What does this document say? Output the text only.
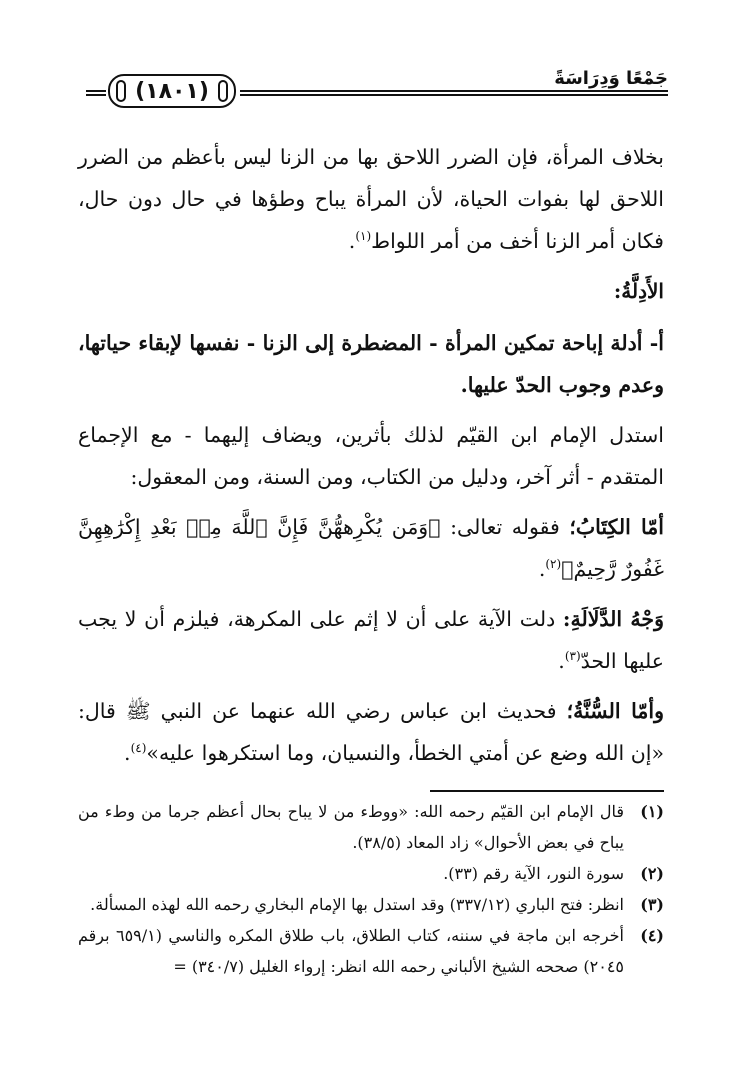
جَمْعًا وَدِرَاسَةً
(١٨٠١)

بخلاف المرأة، فإن الضرر اللاحق بها من الزنا ليس بأعظم من الضرر اللاحق لها بفوات الحياة، لأن المرأة يباح وطؤها في حال دون حال، فكان أمر الزنا أخف من أمر اللواط$^{(١)}$.

الأَدِلَّةُ:

أ- أدلة إباحة تمكين المرأة - المضطرة إلى الزنا - نفسها لإبقاء حياتها، وعدم وجوب الحدّ عليها.

استدل الإمام ابن القيّم لذلك بأثرين، ويضاف إليهما - مع الإجماع المتقدم - أثر آخر، ودليل من الكتاب، ومن السنة، ومن المعقول:

أمّا الكِتَابُ؛ فقوله تعالى: ﴿وَمَن يُكْرِههُّنَّ فَإِنَّ ٱللَّهَ مِنۢ بَعْدِ إِكْرَٰهِهِنَّ غَفُورٌ رَّحِيمٌ﴾$^{(٢)}$.

وَجْهُ الدَّلَالَةِ: دلت الآية على أن لا إثم على المكرهة، فيلزم أن لا يجب عليها الحدّ$^{(٣)}$.

وأمّا السُّنَّةُ؛ فحديث ابن عباس رضي الله عنهما عن النبي ﷺ قال: «إن الله وضع عن أمتي الخطأ، والنسيان، وما استكرهوا عليه»$^{(٤)}$.

(١)
قال الإمام ابن القيّم رحمه الله: «ووطء من لا يباح بحال أعظم جرما من وطء من يباح في بعض الأحوال» زاد المعاد (٣٨/٥).
(٢)
سورة النور، الآية رقم (٣٣).
(٣)
انظر: فتح الباري (٣٣٧/١٢) وقد استدل بها الإمام البخاري رحمه الله لهذه المسألة.
(٤)
أخرجه ابن ماجة في سننه، كتاب الطلاق، باب طلاق المكره والناسي (٦٥٩/١ برقم ٢٠٤٥) صححه الشيخ الألباني رحمه الله انظر: إرواء الغليل (٣٤٠/٧) =
